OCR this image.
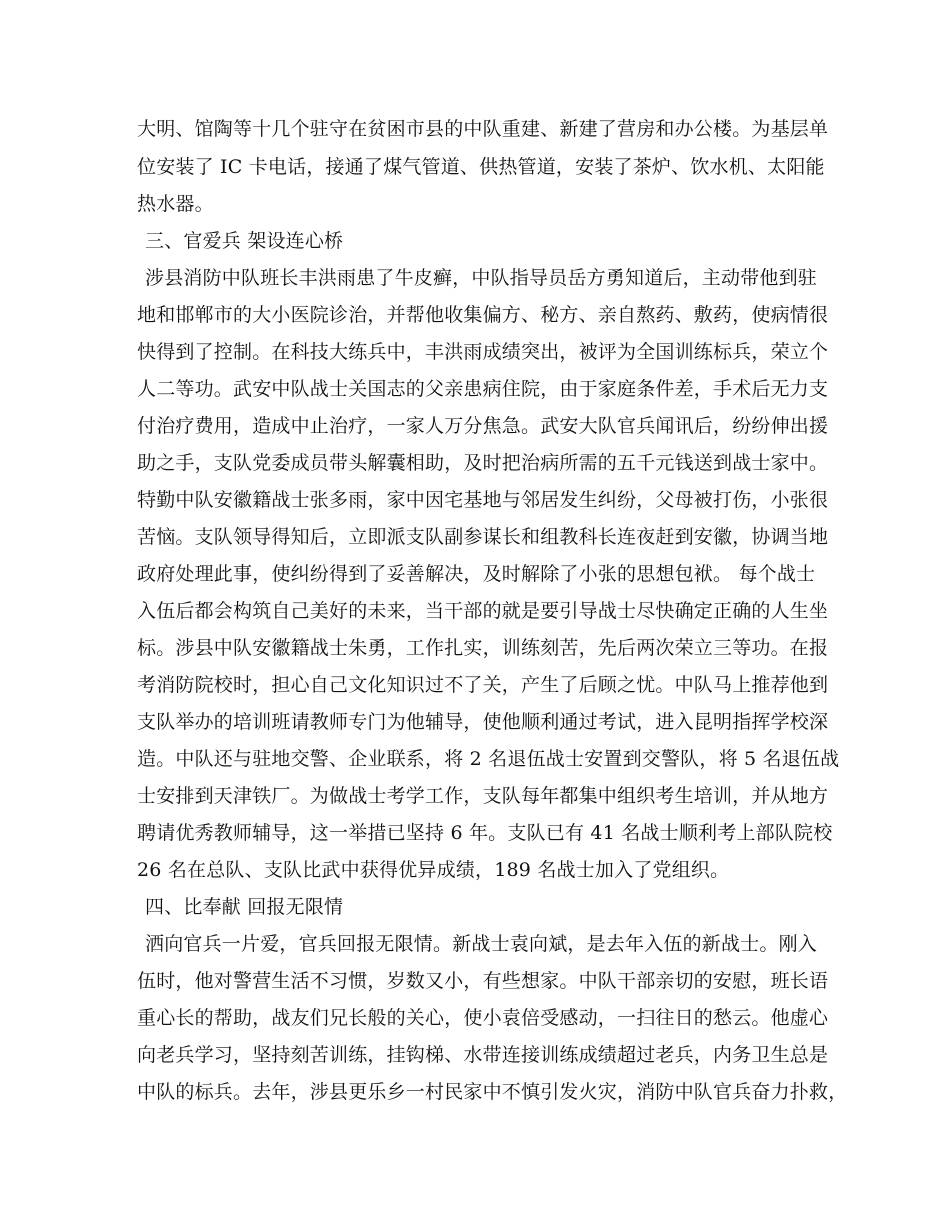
大明、馆陶等十几个驻守在贫困市县的中队重建、新建了营房和办公楼。为基层单
位安装了 IC 卡电话，接通了煤气管道、供热管道，安装了茶炉、饮水机、太阳能
热水器。
三、官爱兵 架设连心桥
涉县消防中队班长丰洪雨患了牛皮癣，中队指导员岳方勇知道后，主动带他到驻
地和邯郸市的大小医院诊治，并帮他收集偏方、秘方、亲自熬药、敷药，使病情很
快得到了控制。在科技大练兵中，丰洪雨成绩突出，被评为全国训练标兵，荣立个
人二等功。武安中队战士关国志的父亲患病住院，由于家庭条件差，手术后无力支
付治疗费用，造成中止治疗，一家人万分焦急。武安大队官兵闻讯后，纷纷伸出援
助之手，支队党委成员带头解囊相助，及时把治病所需的五千元钱送到战士家中。
特勤中队安徽籍战士张多雨，家中因宅基地与邻居发生纠纷，父母被打伤，小张很
苦恼。支队领导得知后，立即派支队副参谋长和组教科长连夜赶到安徽，协调当地
政府处理此事，使纠纷得到了妥善解决，及时解除了小张的思想包袱。 每个战士
入伍后都会构筑自己美好的未来，当干部的就是要引导战士尽快确定正确的人生坐
标。涉县中队安徽籍战士朱勇，工作扎实，训练刻苦，先后两次荣立三等功。在报
考消防院校时，担心自己文化知识过不了关，产生了后顾之忧。中队马上推荐他到
支队举办的培训班请教师专门为他辅导，使他顺利通过考试，进入昆明指挥学校深
造。中队还与驻地交警、企业联系，将 2 名退伍战士安置到交警队，将 5 名退伍战
士安排到天津铁厂。为做战士考学工作，支队每年都集中组织考生培训，并从地方
聘请优秀教师辅导，这一举措已坚持 6 年。支队已有 41 名战士顺利考上部队院校
26 名在总队、支队比武中获得优异成绩，189 名战士加入了党组织。
四、比奉献 回报无限情
洒向官兵一片爱，官兵回报无限情。新战士袁向斌，是去年入伍的新战士。刚入
伍时，他对警营生活不习惯，岁数又小，有些想家。中队干部亲切的安慰，班长语
重心长的帮助，战友们兄长般的关心，使小袁倍受感动，一扫往日的愁云。他虚心
向老兵学习，坚持刻苦训练，挂钩梯、水带连接训练成绩超过老兵，内务卫生总是
中队的标兵。去年，涉县更乐乡一村民家中不慎引发火灾，消防中队官兵奋力扑救，
